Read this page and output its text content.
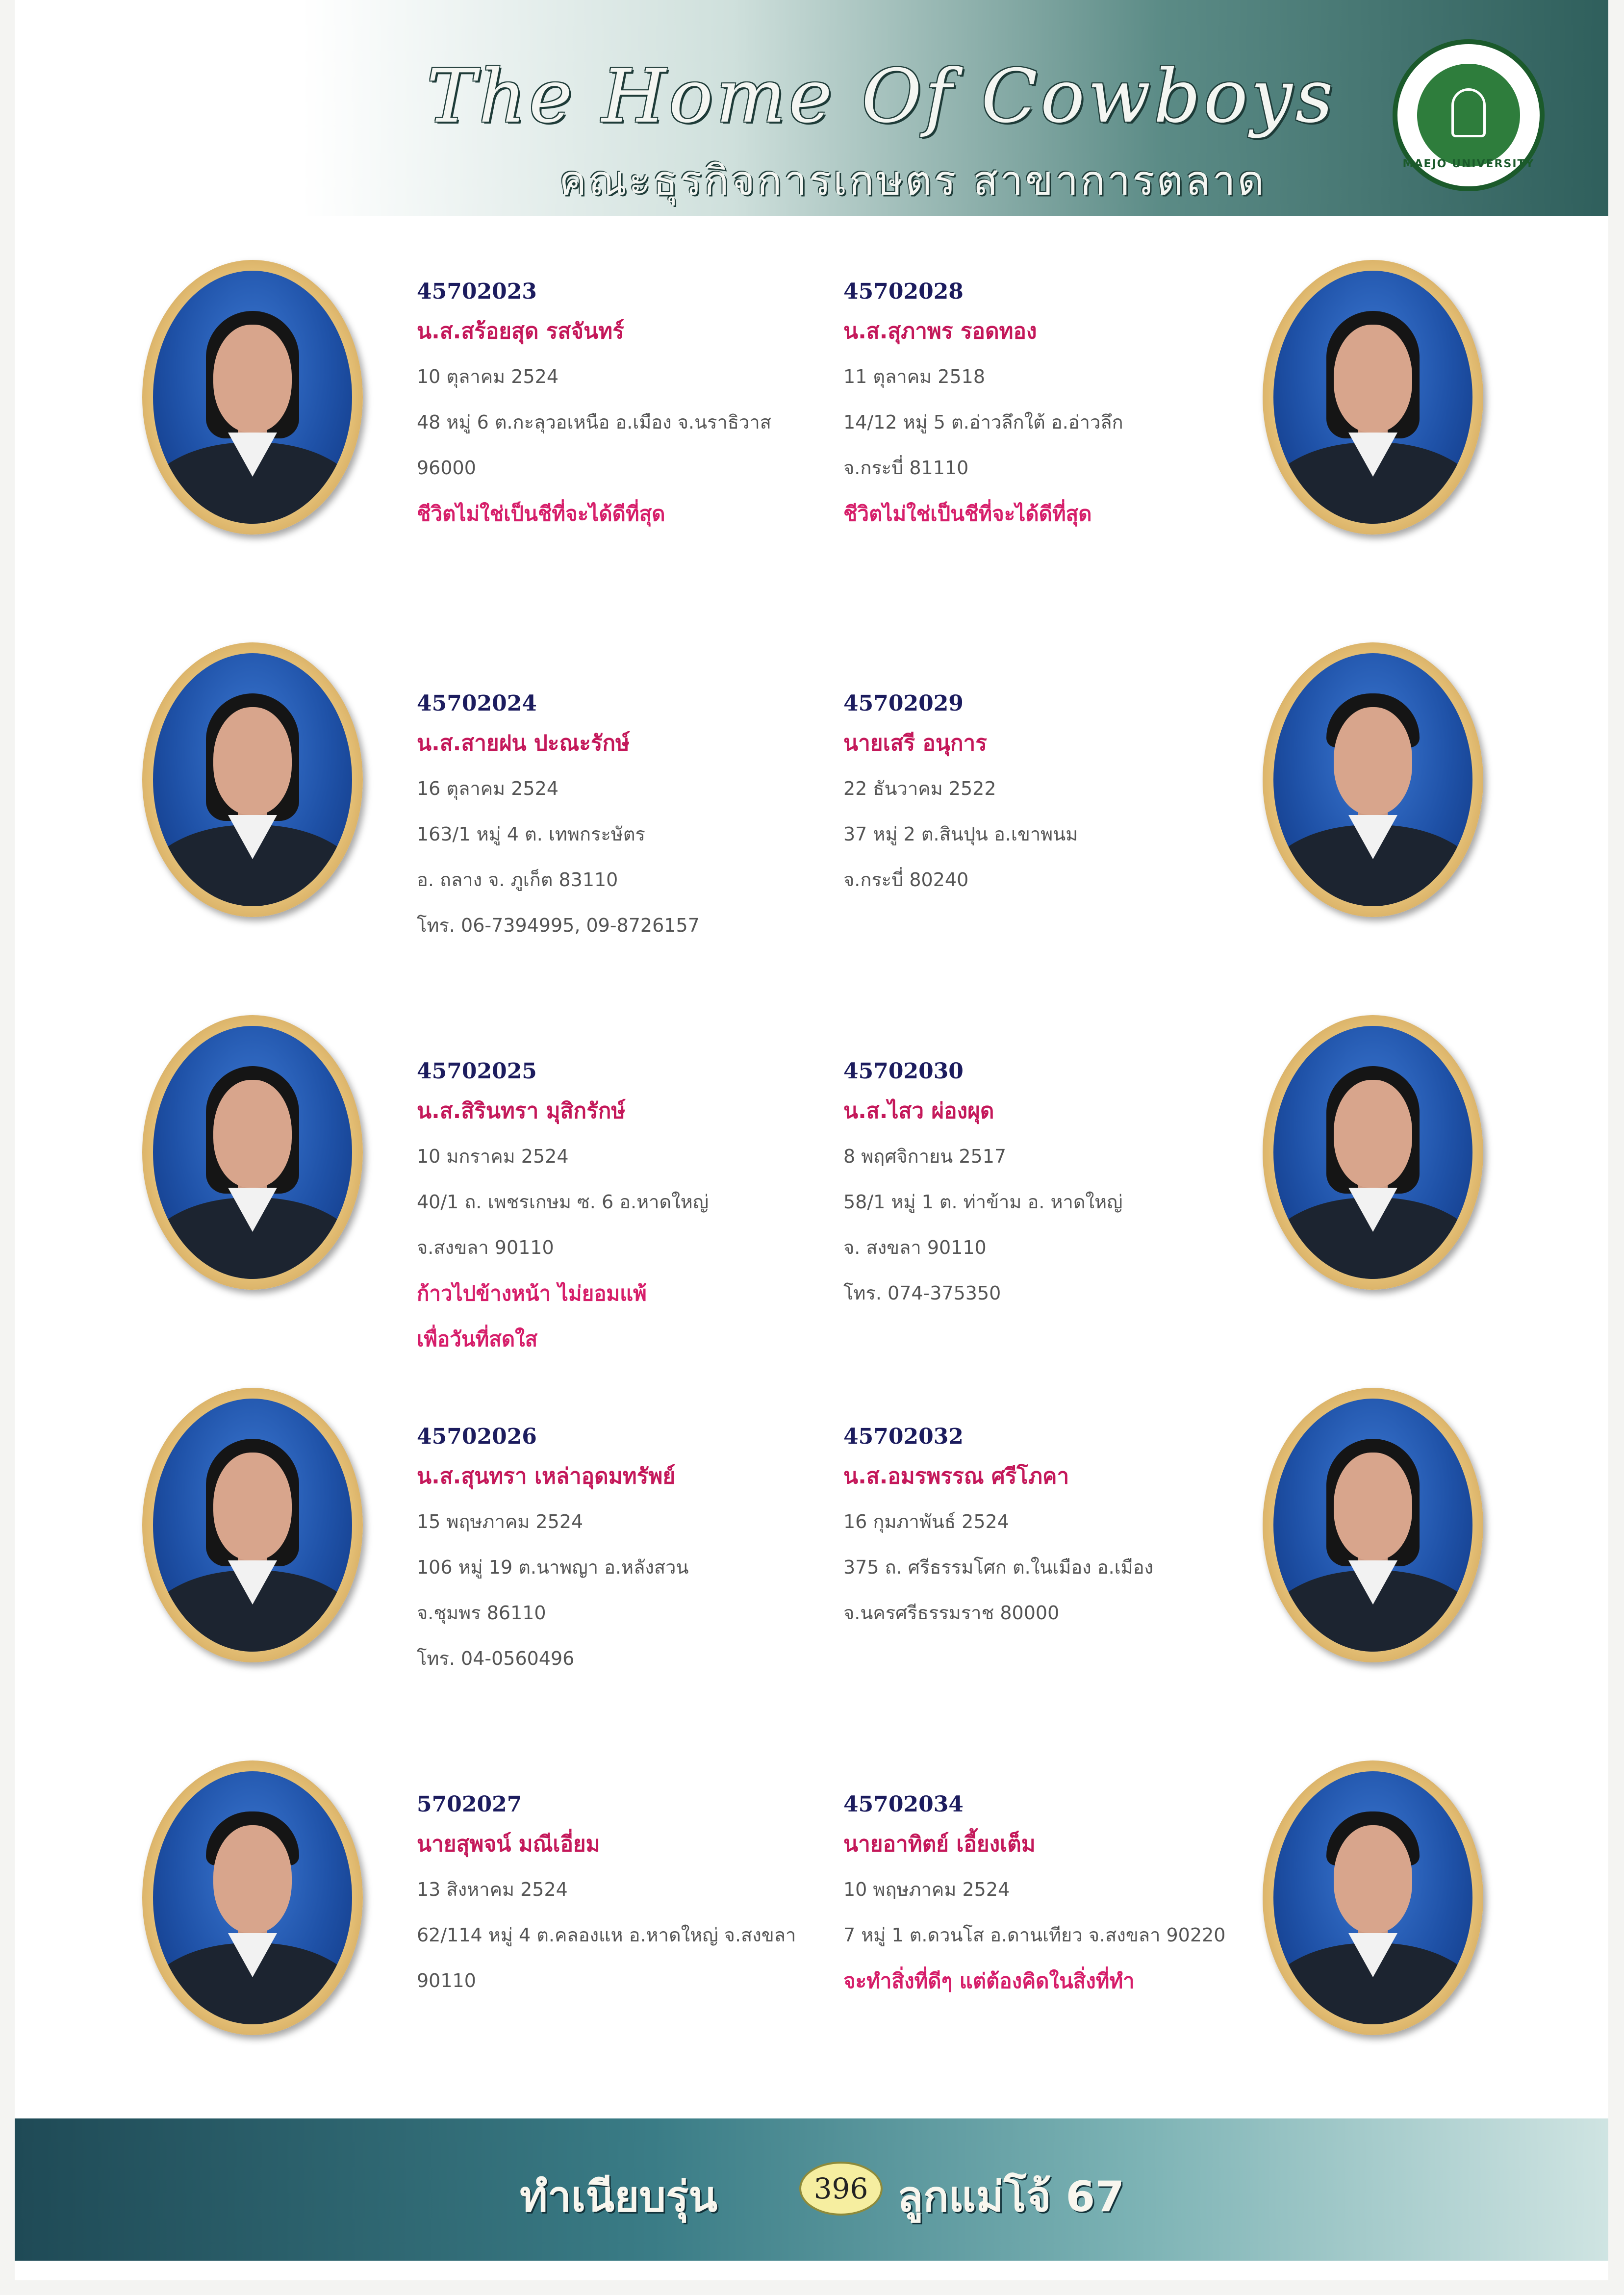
The Home Of Cowboys
คณะธุรกิจการเกษตร สาขาการตลาด	MAEJO UNIVERSITY
45702023
น.ส.สร้อยสุด รสจันทร์
10 ตุลาคม 2524
48 หมู่ 6 ต.กะลุวอเหนือ อ.เมือง จ.นราธิวาส
96000
ชีวิตไม่ใช่เป็นชีที่จะได้ดีที่สุด
45702028
น.ส.สุภาพร รอดทอง
11 ตุลาคม 2518
14/12 หมู่ 5 ต.อ่าวลึกใต้ อ.อ่าวลึก
จ.กระบี่ 81110
ชีวิตไม่ใช่เป็นชีที่จะได้ดีที่สุด
45702024
น.ส.สายฝน ปะณะรักษ์
16 ตุลาคม 2524
163/1 หมู่ 4 ต. เทพกระษัตร
อ. ถลาง จ. ภูเก็ต 83110
โทร. 06-7394995, 09-8726157
45702029
นายเสรี อนุการ
22 ธันวาคม 2522
37 หมู่ 2 ต.สินปุน อ.เขาพนม
จ.กระบี่ 80240
45702025
น.ส.สิรินทรา มุสิกรักษ์
10 มกราคม 2524
40/1 ถ. เพชรเกษม ซ. 6 อ.หาดใหญ่
จ.สงขลา 90110
ก้าวไปข้างหน้า ไม่ยอมแพ้
เพื่อวันที่สดใส
45702030
น.ส.ไสว ผ่องผุด
8 พฤศจิกายน 2517
58/1 หมู่ 1 ต. ท่าข้าม อ. หาดใหญ่
จ. สงขลา 90110
โทร. 074-375350
45702026
น.ส.สุนทรา เหล่าอุดมทรัพย์
15 พฤษภาคม 2524
106 หมู่ 19 ต.นาพญา อ.หลังสวน
จ.ชุมพร 86110
โทร. 04-0560496
45702032
น.ส.อมรพรรณ ศรีโภคา
16 กุมภาพันธ์ 2524
375 ถ. ศรีธรรมโศก ต.ในเมือง อ.เมือง
จ.นครศรีธรรมราช 80000
5702027
นายสุพจน์ มณีเอี่ยม
13 สิงหาคม 2524
62/114 หมู่ 4 ต.คลองแห อ.หาดใหญ่ จ.สงขลา
90110
45702034
นายอาทิตย์ เอี้ยงเต็ม
10 พฤษภาคม 2524
7 หมู่ 1 ต.ดวนโส อ.ดานเทียว จ.สงขลา 90220
จะทำสิ่งที่ดีๆ แต่ต้องคิดในสิ่งที่ทำ
ทำเนียบรุ่น	396 ลูกแม่โจ้ 67
